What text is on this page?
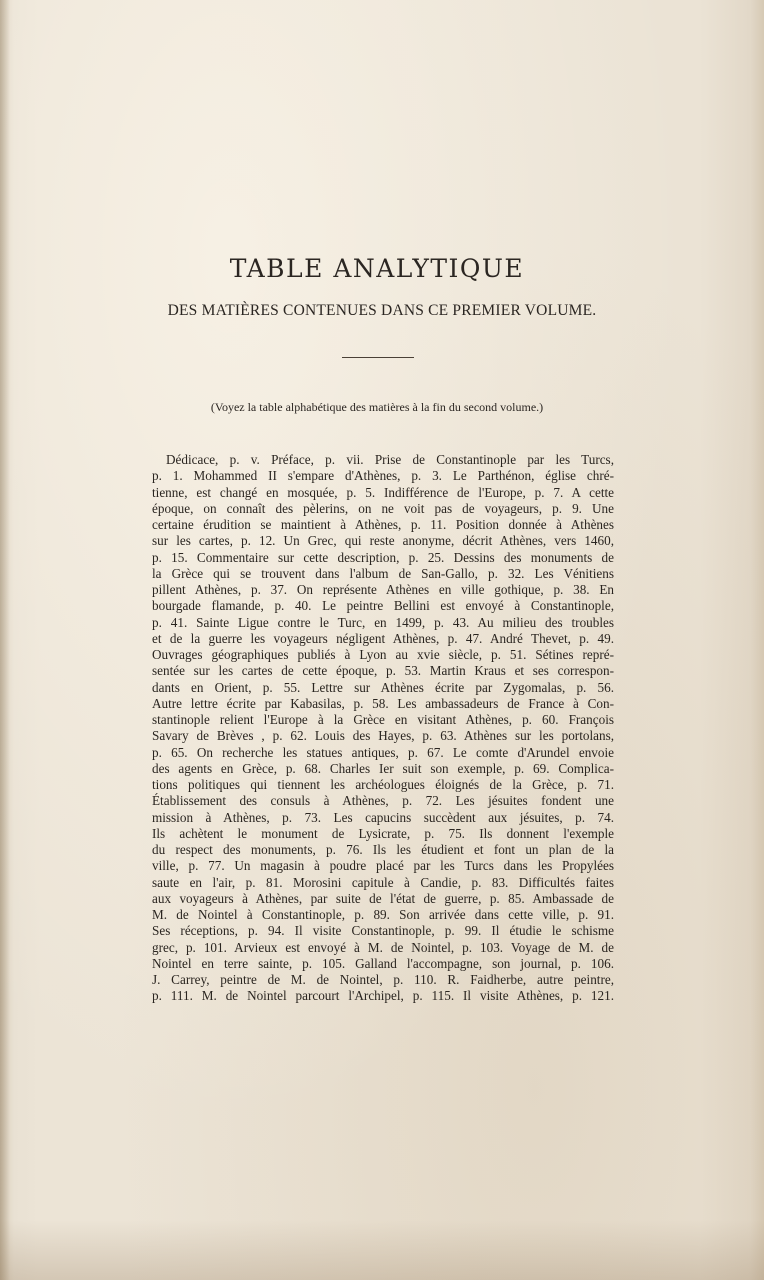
TABLE ANALYTIQUE
DES MATIÈRES CONTENUES DANS CE PREMIER VOLUME.
(Voyez la table alphabétique des matières à la fin du second volume.)
Dédicace, p. v. Préface, p. vii. Prise de Constantinople par les Turcs,
p. 1. Mohammed II s'empare d'Athènes, p. 3. Le Parthénon, église chré-
tienne, est changé en mosquée, p. 5. Indifférence de l'Europe, p. 7. A cette
époque, on connaît des pèlerins, on ne voit pas de voyageurs, p. 9. Une
certaine érudition se maintient à Athènes, p. 11. Position donnée à Athènes
sur les cartes, p. 12. Un Grec, qui reste anonyme, décrit Athènes, vers 1460,
p. 15. Commentaire sur cette description, p. 25. Dessins des monuments de
la Grèce qui se trouvent dans l'album de San-Gallo, p. 32. Les Vénitiens
pillent Athènes, p. 37. On représente Athènes en ville gothique, p. 38. En
bourgade flamande, p. 40. Le peintre Bellini est envoyé à Constantinople,
p. 41. Sainte Ligue contre le Turc, en 1499, p. 43. Au milieu des troubles
et de la guerre les voyageurs négligent Athènes, p. 47. André Thevet, p. 49.
Ouvrages géographiques publiés à Lyon au xvie siècle, p. 51. Sétines repré-
sentée sur les cartes de cette époque, p. 53. Martin Kraus et ses correspon-
dants en Orient, p. 55. Lettre sur Athènes écrite par Zygomalas, p. 56.
Autre lettre écrite par Kabasilas, p. 58. Les ambassadeurs de France à Con-
stantinople relient l'Europe à la Grèce en visitant Athènes, p. 60. François
Savary de Brèves , p. 62. Louis des Hayes, p. 63. Athènes sur les portolans,
p. 65. On recherche les statues antiques, p. 67. Le comte d'Arundel envoie
des agents en Grèce, p. 68. Charles Ier suit son exemple, p. 69. Complica-
tions politiques qui tiennent les archéologues éloignés de la Grèce, p. 71.
Établissement des consuls à Athènes, p. 72. Les jésuites fondent une
mission à Athènes, p. 73. Les capucins succèdent aux jésuites, p. 74.
Ils achètent le monument de Lysicrate, p. 75. Ils donnent l'exemple
du respect des monuments, p. 76. Ils les étudient et font un plan de la
ville, p. 77. Un magasin à poudre placé par les Turcs dans les Propylées
saute en l'air, p. 81. Morosini capitule à Candie, p. 83. Difficultés faites
aux voyageurs à Athènes, par suite de l'état de guerre, p. 85. Ambassade de
M. de Nointel à Constantinople, p. 89. Son arrivée dans cette ville, p. 91.
Ses réceptions, p. 94. Il visite Constantinople, p. 99. Il étudie le schisme
grec, p. 101. Arvieux est envoyé à M. de Nointel, p. 103. Voyage de M. de
Nointel en terre sainte, p. 105. Galland l'accompagne, son journal, p. 106.
J. Carrey, peintre de M. de Nointel, p. 110. R. Faidherbe, autre peintre,
p. 111. M. de Nointel parcourt l'Archipel, p. 115. Il visite Athènes, p. 121.
